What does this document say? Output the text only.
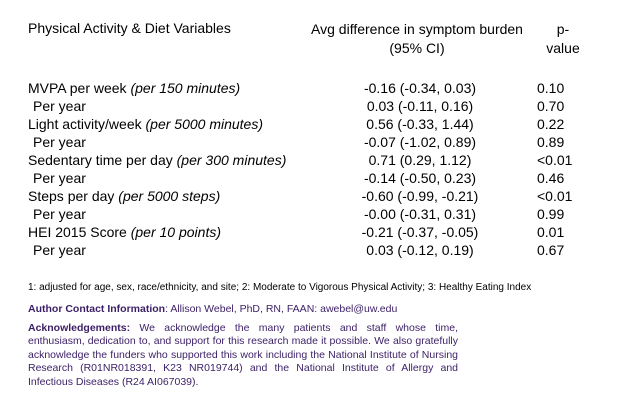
Physical Activity & Diet Variables	Avg difference in symptom burden
(95% CI)
p-
value
MVPA per week (per 150 minutes)	-0.16 (-0.34, 0.03)	0.10
Per year	0.03 (-0.11, 0.16)	0.70
Light activity/week (per 5000 minutes)	0.56 (-0.33, 1.44)	0.22
Per year	-0.07 (-1.02, 0.89)	0.89
Sedentary time per day (per 300 minutes)	0.71 (0.29, 1.12)	<0.01
Per year	-0.14 (-0.50, 0.23)	0.46
Steps per day (per 5000 steps)	-0.60 (-0.99, -0.21)	<0.01
Per year	-0.00 (-0.31, 0.31)	0.99
HEI 2015 Score (per 10 points)	-0.21 (-0.37, -0.05)	0.01
Per year	0.03 (-0.12, 0.19)	0.67
1: adjusted for age, sex, race/ethnicity, and site; 2: Moderate to Vigorous Physical Activity; 3: Healthy Eating Index
Author Contact Information: Allison Webel, PhD, RN, FAAN: awebel@uw.edu
Acknowledgements: We acknowledge the many patients and staff whose time, enthusiasm, dedication to, and support for this research made it possible. We also gratefully acknowledge the funders who supported this work including the National Institute of Nursing Research (R01NR018391, K23 NR019744) and the National Institute of Allergy and Infectious Diseases (R24 AI067039).
